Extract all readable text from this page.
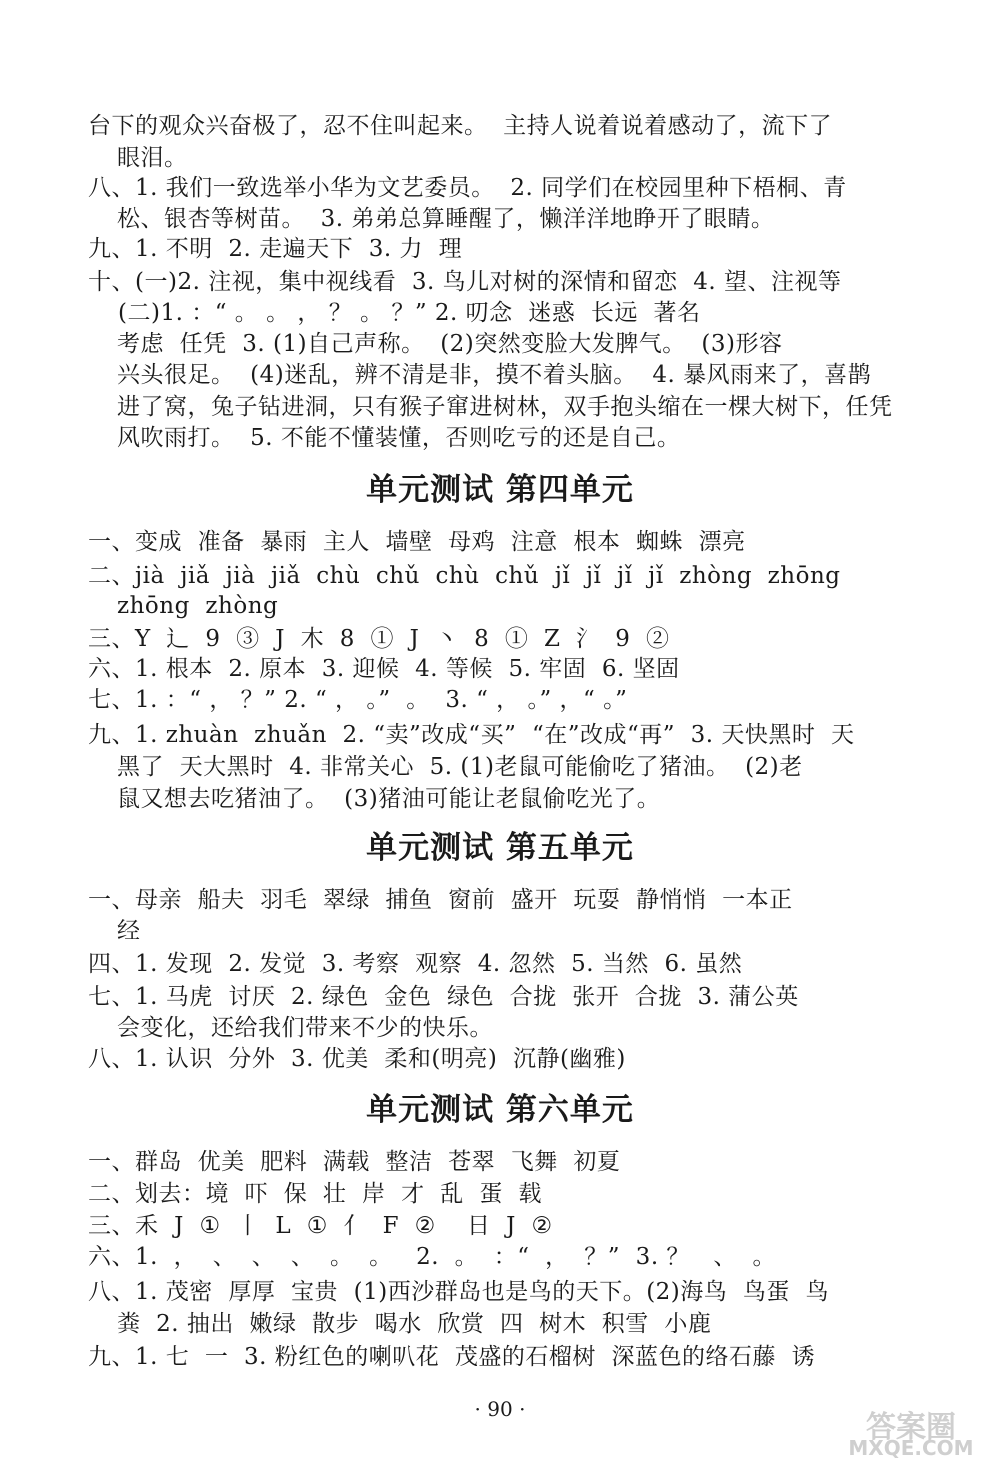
台下的观众兴奋极了，忍不住叫起来。  主持人说着说着感动了，流下了
眼泪。
八、1. 我们一致选举小华为文艺委员。  2. 同学们在校园里种下梧桐、青
松、银杏等树苗。  3. 弟弟总算睡醒了，懒洋洋地睁开了眼睛。
九、1. 不明  2. 走遍天下  3. 力  理
十、(一)2. 注视，集中视线看  3. 鸟儿对树的深情和留恋  4. 望、注视等
(二)1. ：“ 。 。 ， ？ 。 ？” 2. 叨念  迷惑  长远  著名
考虑  任凭  3. (1)自己声称。  (2)突然变脸大发脾气。  (3)形容
兴头很足。  (4)迷乱，辨不清是非，摸不着头脑。  4. 暴风雨来了，喜鹊
进了窝，兔子钻进洞，只有猴子窜进树林，双手抱头缩在一棵大树下，任凭
风吹雨打。  5. 不能不懂装懂，否则吃亏的还是自己。
单元测试 第四单元
一、变成  准备  暴雨  主人  墙壁  母鸡  注意  根本  蜘蛛  漂亮
二、jià  jiǎ  jià  jiǎ  chù  chǔ  chù  chǔ  jǐ  jǐ  jǐ  jǐ  zhòng  zhōng
zhōng  zhòng
三、Y  辶  9  ③  J  木  8  ①  J  丶  8  ①  Z  氵  9  ②
六、1. 根本  2. 原本  3. 迎候  4. 等候  5. 牢固  6. 坚固
七、1. ：“ ， ？” 2. “ ， 。”  。  3. “ ， 。” ，“ 。”
九、1. zhuàn  zhuǎn  2. “卖”改成“买”  “在”改成“再”  3. 天快黑时  天
黑了  天大黑时  4. 非常关心  5. (1)老鼠可能偷吃了猪油。  (2)老
鼠又想去吃猪油了。  (3)猪油可能让老鼠偷吃光了。
单元测试 第五单元
一、母亲  船夫  羽毛  翠绿  捕鱼  窗前  盛开  玩耍  静悄悄  一本正
经
四、1. 发现  2. 发觉  3. 考察  观察  4. 忽然  5. 当然  6. 虽然
七、1. 马虎  讨厌  2. 绿色  金色  绿色  合拢  张开  合拢  3. 蒲公英
会变化，还给我们带来不少的快乐。
八、1. 认识  分外  3. 优美  柔和(明亮)  沉静(幽雅)
单元测试 第六单元
一、群岛  优美  肥料  满载  整洁  苍翠  飞舞  初夏
二、划去：境  吓  保  壮  岸  才  乱  蛋  载
三、禾  J  ①  丨  L  ①  亻  F  ②    日  J  ②
六、1.  ，  、  、  、  。  。   2.  。  ：“  ，  ？”  3. ？   、  。
八、1. 茂密  厚厚  宝贵  (1)西沙群岛也是鸟的天下。(2)海鸟  鸟蛋  鸟
粪  2. 抽出  嫩绿  散步  喝水  欣赏  四  树木  积雪  小鹿
九、1. 七  一  3. 粉红色的喇叭花  茂盛的石榴树  深蓝色的络石藤  诱
· 90 ·
答案圈
MXQE.COM
